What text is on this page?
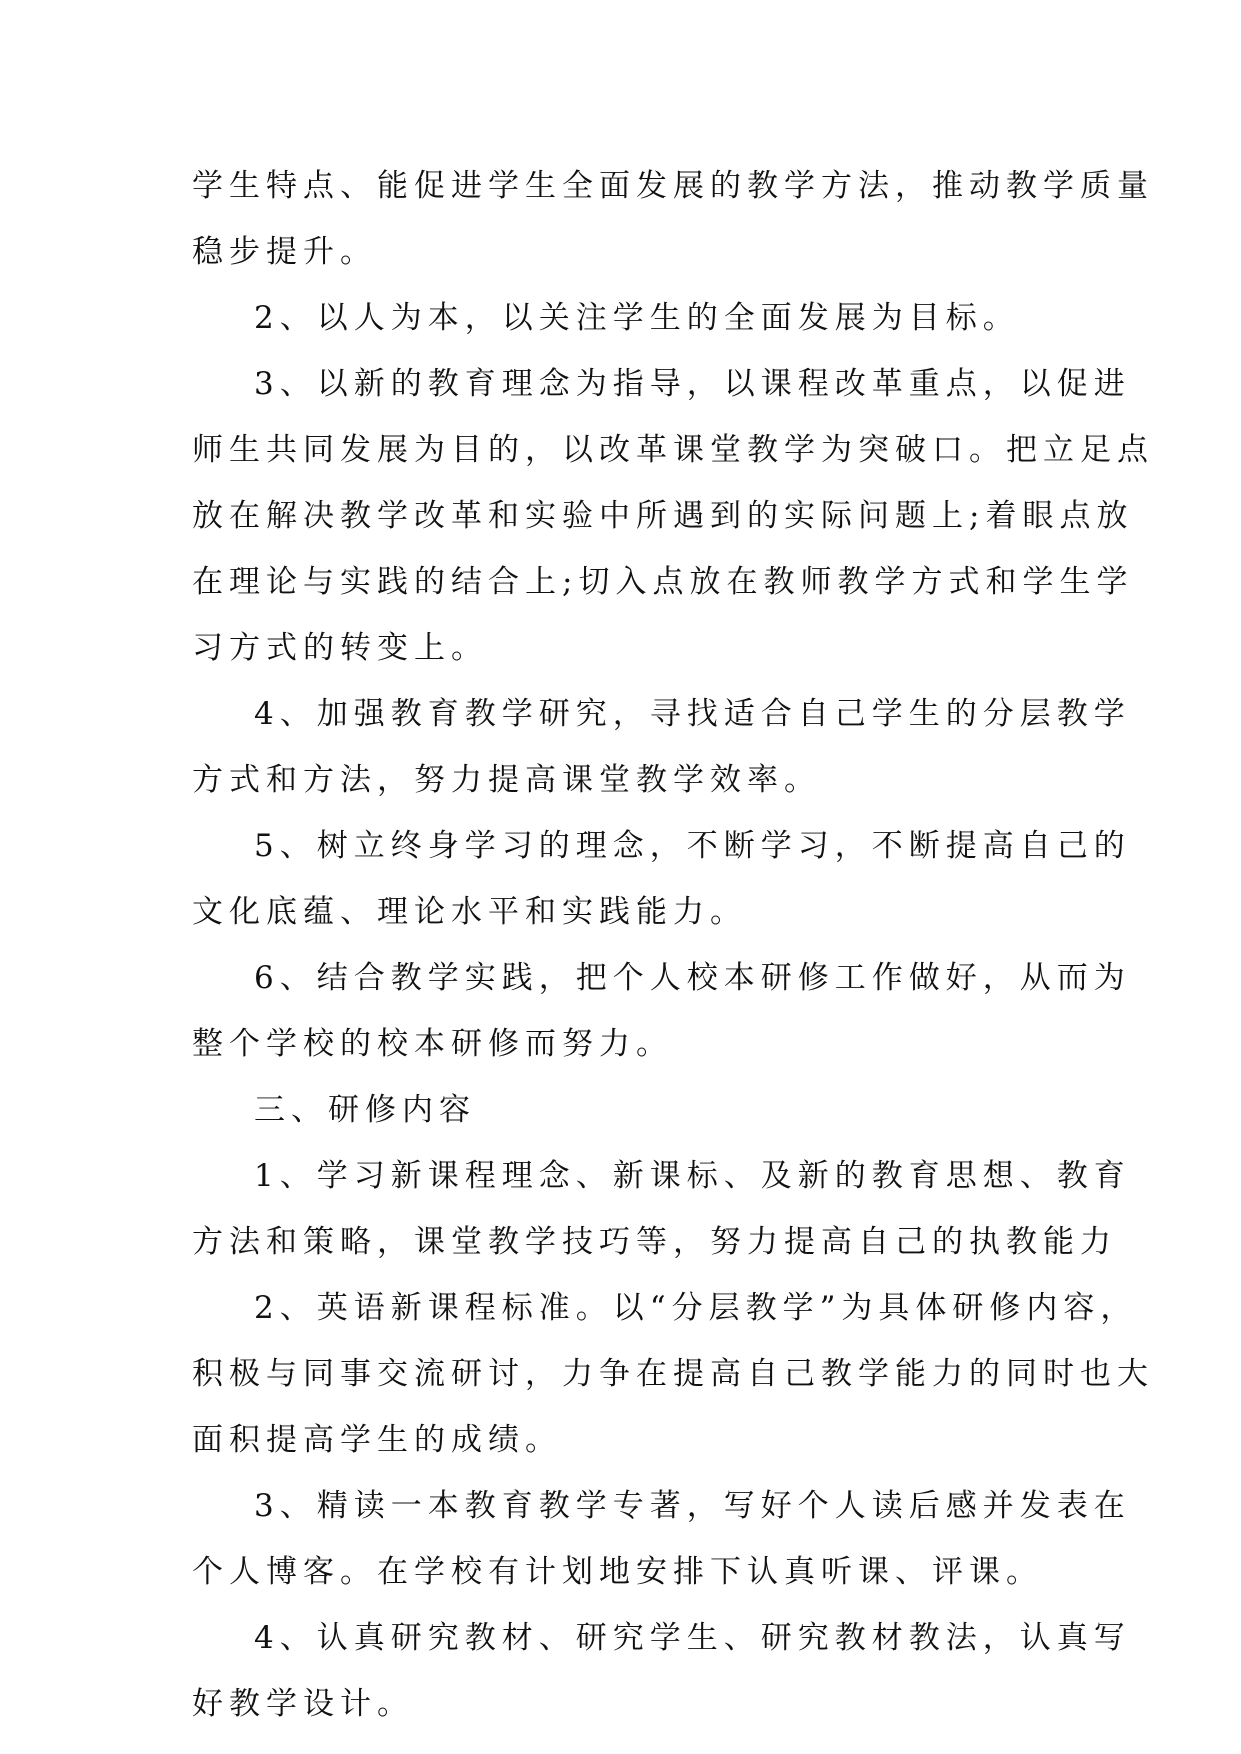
学生特点、能促进学生全面发展的教学方法，推动教学质量
稳步提升。
2、以人为本，以关注学生的全面发展为目标。
3、以新的教育理念为指导，以课程改革重点，以促进
师生共同发展为目的，以改革课堂教学为突破口。把立足点
放在解决教学改革和实验中所遇到的实际问题上;着眼点放
在理论与实践的结合上;切入点放在教师教学方式和学生学
习方式的转变上。
4、加强教育教学研究，寻找适合自己学生的分层教学
方式和方法，努力提高课堂教学效率。
5、树立终身学习的理念，不断学习，不断提高自己的
文化底蕴、理论水平和实践能力。
6、结合教学实践，把个人校本研修工作做好，从而为
整个学校的校本研修而努力。
三、研修内容
1、学习新课程理念、新课标、及新的教育思想、教育
方法和策略，课堂教学技巧等，努力提高自己的执教能力
2、英语新课程标准。以“分层教学”为具体研修内容，
积极与同事交流研讨，力争在提高自己教学能力的同时也大
面积提高学生的成绩。
3、精读一本教育教学专著，写好个人读后感并发表在
个人博客。在学校有计划地安排下认真听课、评课。
4、认真研究教材、研究学生、研究教材教法，认真写
好教学设计。
